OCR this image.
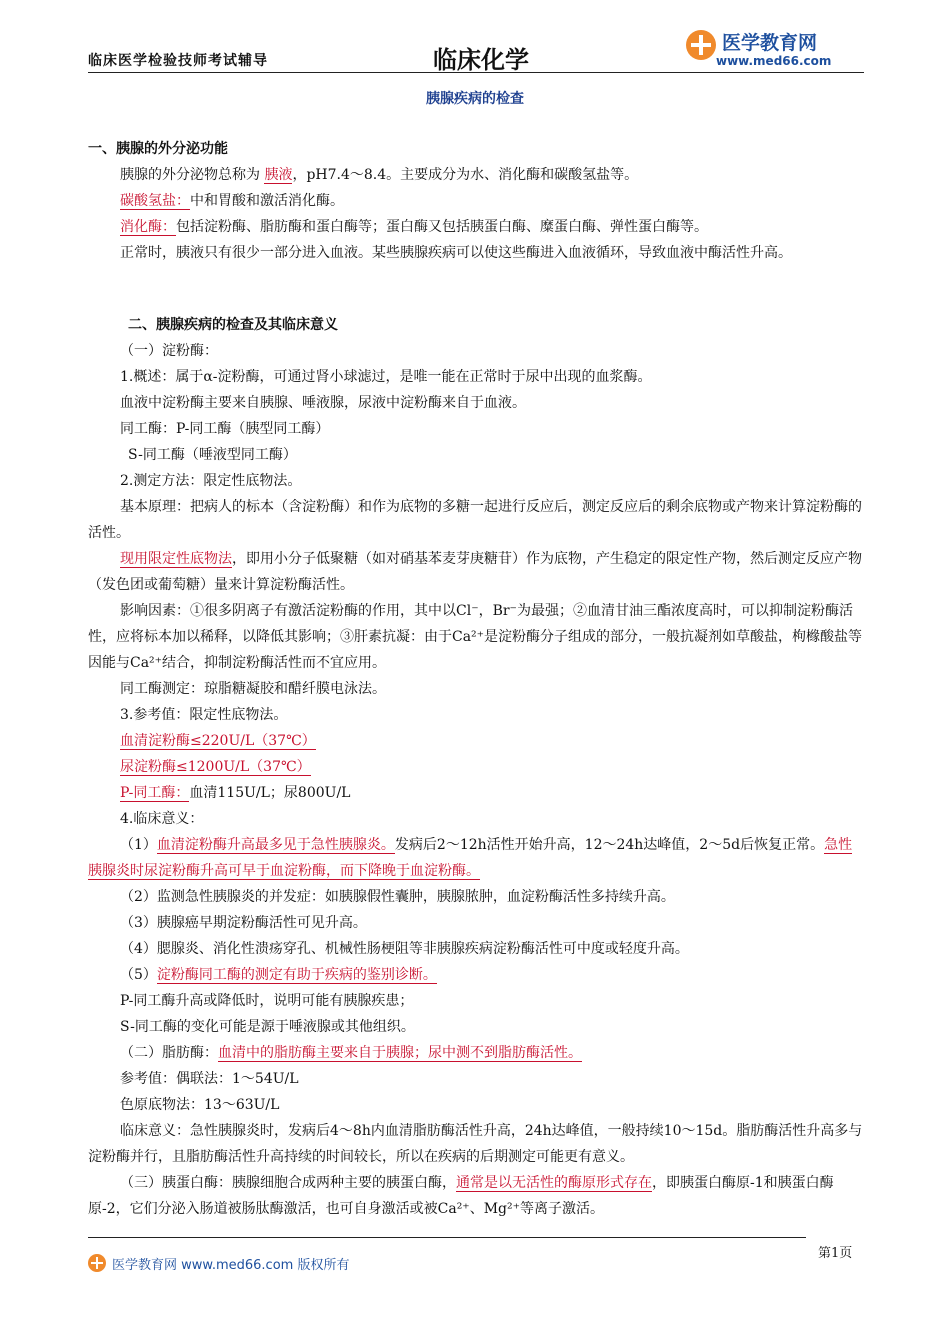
临床医学检验技师考试辅导	临床化学
医学教育网
www.med66.com
胰腺疾病的检查

一、胰腺的外分泌功能

胰腺的外分泌物总称为 胰液，pH7.4～8.4。主要成分为水、消化酶和碳酸氢盐等。

碳酸氢盐：中和胃酸和激活消化酶。

消化酶：包括淀粉酶、脂肪酶和蛋白酶等；蛋白酶又包括胰蛋白酶、糜蛋白酶、弹性蛋白酶等。

正常时，胰液只有很少一部分进入血液。某些胰腺疾病可以使这些酶进入血液循环，导致血液中酶活性升高。

二、胰腺疾病的检查及其临床意义

（一）淀粉酶：

1.概述：属于α-淀粉酶，可通过肾小球滤过，是唯一能在正常时于尿中出现的血浆酶。

血液中淀粉酶主要来自胰腺、唾液腺，尿液中淀粉酶来自于血液。

同工酶：P-同工酶（胰型同工酶）

S-同工酶（唾液型同工酶）

2.测定方法：限定性底物法。

基本原理：把病人的标本（含淀粉酶）和作为底物的多糖一起进行反应后，测定反应后的剩余底物或产物来计算淀粉酶的活性。

现用限定性底物法，即用小分子低聚糖（如对硝基苯麦芽庚糖苷）作为底物，产生稳定的限定性产物，然后测定反应产物（发色团或葡萄糖）量来计算淀粉酶活性。

影响因素：①很多阴离子有激活淀粉酶的作用，其中以Cl⁻，Br⁻为最强；②血清甘油三酯浓度高时，可以抑制淀粉酶活性，应将标本加以稀释，以降低其影响；③肝素抗凝：由于Ca²⁺是淀粉酶分子组成的部分，一般抗凝剂如草酸盐，枸橼酸盐等因能与Ca²⁺结合，抑制淀粉酶活性而不宜应用。

同工酶测定：琼脂糖凝胶和醋纤膜电泳法。

3.参考值：限定性底物法。

血清淀粉酶≤220U/L（37℃）

尿淀粉酶≤1200U/L（37℃）

P-同工酶：血清115U/L；尿800U/L

4.临床意义：

（1）血清淀粉酶升高最多见于急性胰腺炎。发病后2～12h活性开始升高，12～24h达峰值，2～5d后恢复正常。急性胰腺炎时尿淀粉酶升高可早于血淀粉酶，而下降晚于血淀粉酶。

（2）监测急性胰腺炎的并发症：如胰腺假性囊肿，胰腺脓肿，血淀粉酶活性多持续升高。

（3）胰腺癌早期淀粉酶活性可见升高。

（4）腮腺炎、消化性溃疡穿孔、机械性肠梗阻等非胰腺疾病淀粉酶活性可中度或轻度升高。

（5）淀粉酶同工酶的测定有助于疾病的鉴别诊断。

P-同工酶升高或降低时，说明可能有胰腺疾患；

S-同工酶的变化可能是源于唾液腺或其他组织。

（二）脂肪酶：血清中的脂肪酶主要来自于胰腺；尿中测不到脂肪酶活性。

参考值：偶联法：1～54U/L

色原底物法：13～63U/L

临床意义：急性胰腺炎时，发病后4～8h内血清脂肪酶活性升高，24h达峰值，一般持续10～15d。脂肪酶活性升高多与淀粉酶并行，且脂肪酶活性升高持续的时间较长，所以在疾病的后期测定可能更有意义。

（三）胰蛋白酶：胰腺细胞合成两种主要的胰蛋白酶，通常是以无活性的酶原形式存在，即胰蛋白酶原-1和胰蛋白酶原-2，它们分泌入肠道被肠肽酶激活，也可自身激活或被Ca²⁺、Mg²⁺等离子激活。

医学教育网 www.med66.com 版权所有
第1页
